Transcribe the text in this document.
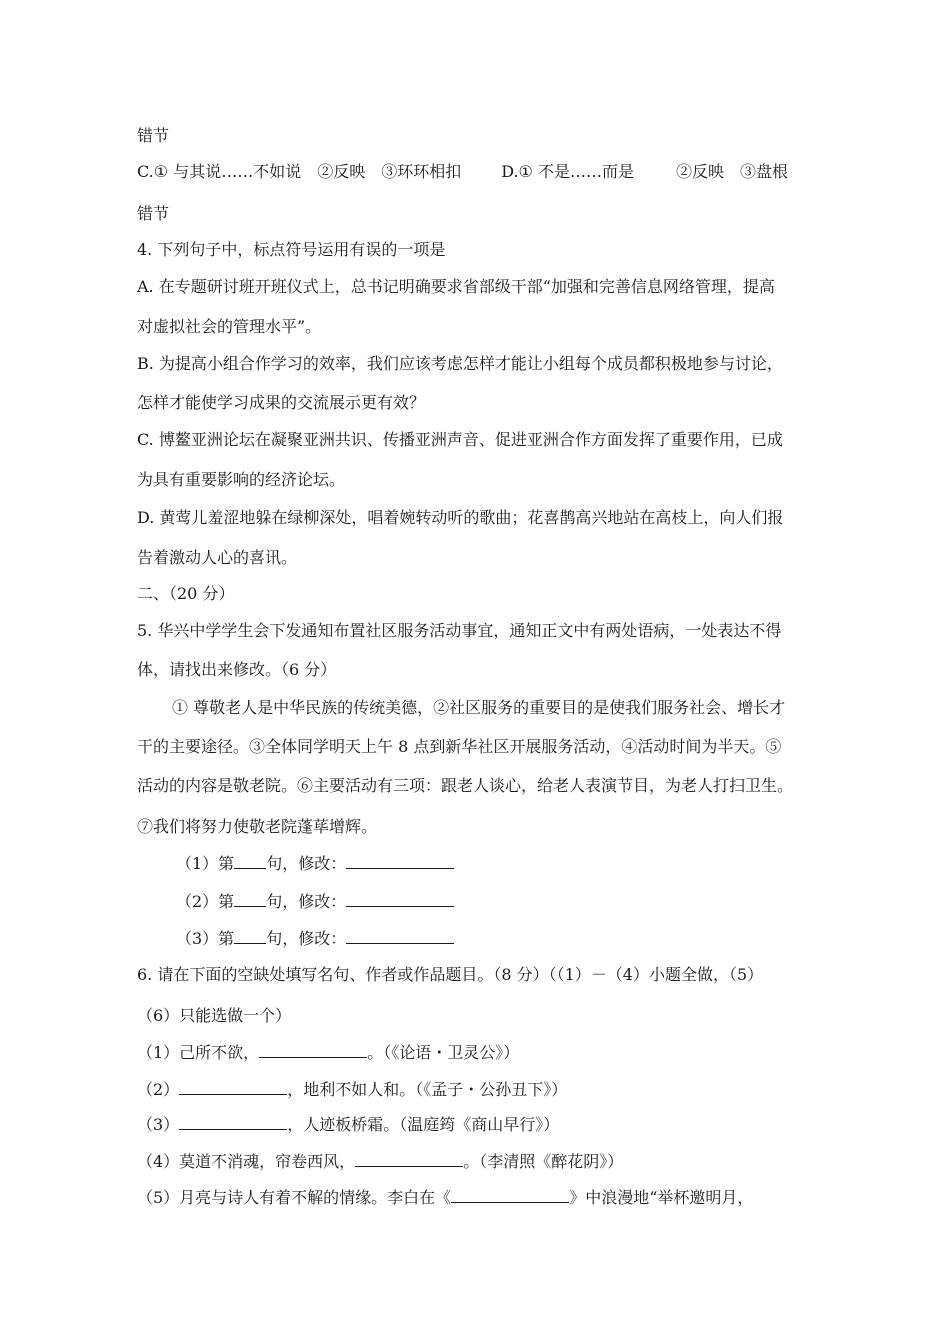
错节
C.① 与其说……不如说　②反映　③环环相扣	D.① 不是……而是	②反映　③盘根
错节
4. 下列句子中，标点符号运用有误的一项是
A. 在专题研讨班开班仪式上，总书记明确要求省部级干部“加强和完善信息网络管理，提高
对虚拟社会的管理水平”。
B. 为提高小组合作学习的效率，我们应该考虑怎样才能让小组每个成员都积极地参与讨论，
怎样才能使学习成果的交流展示更有效？
C. 博鳌亚洲论坛在凝聚亚洲共识、传播亚洲声音、促进亚洲合作方面发挥了重要作用，已成
为具有重要影响的经济论坛。
D. 黄莺儿羞涩地躲在绿柳深处，唱着婉转动听的歌曲；花喜鹊高兴地站在高枝上，向人们报
告着激动人心的喜讯。
二、（20 分）
5. 华兴中学学生会下发通知布置社区服务活动事宜，通知正文中有两处语病，一处表达不得
体，请找出来修改。（6 分）
① 尊敬老人是中华民族的传统美德，②社区服务的重要目的是使我们服务社会、增长才
干的主要途径。③全体同学明天上午 8 点到新华社区开展服务活动，④活动时间为半天。⑤
活动的内容是敬老院。⑥主要活动有三项：跟老人谈心，给老人表演节目，为老人打扫卫生。
⑦我们将努力使敬老院蓬荜增辉。
（1）第 句，修改：
（2）第 句，修改：
（3）第 句，修改：
6. 请在下面的空缺处填写名句、作者或作品题目。（8 分）（（1）－（4）小题全做，（5）
（6）只能选做一个）
（1）己所不欲，	。（《论语・卫灵公》）
（2）	，地利不如人和。（《孟子・公孙丑下》）
（3）	，人迹板桥霜。（温庭筠《商山早行》）
（4）莫道不消魂，帘卷西风，	。（李清照《醉花阴》）
（5）月亮与诗人有着不解的情缘。李白在《	》中浪漫地“举杯邀明月，
